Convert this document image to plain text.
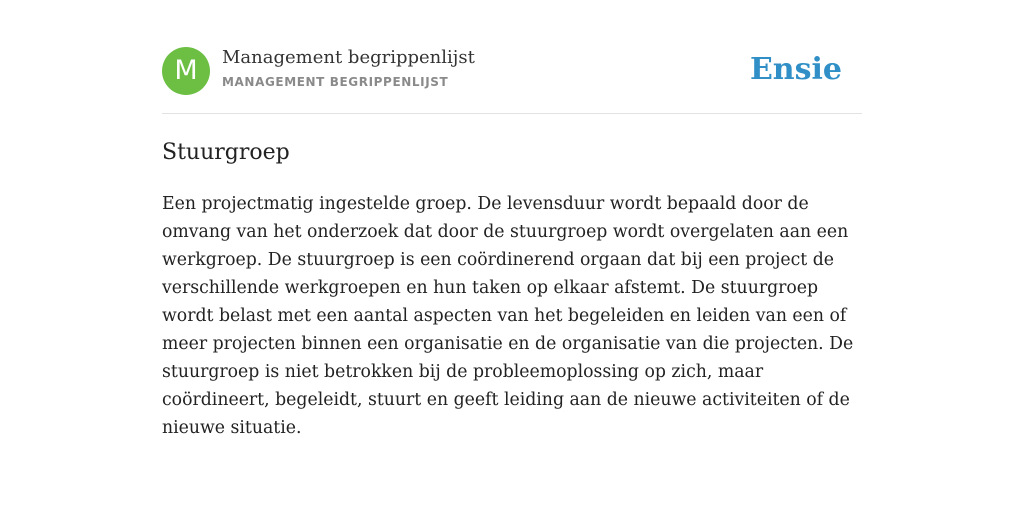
M	Management begrippenlijst
MANAGEMENT BEGRIPPENLIJST	Ensie
Stuurgroep

Een projectmatig ingestelde groep. De levensduur wordt bepaald door de omvang van het onderzoek dat door de stuurgroep wordt overgelaten aan een werkgroep. De stuurgroep is een coördinerend orgaan dat bij een project de verschillende werkgroepen en hun taken op elkaar afstemt. De stuurgroep wordt belast met een aantal aspecten van het begeleiden en leiden van een of meer projecten binnen een organisatie en de organisatie van die projecten. De stuurgroep is niet betrokken bij de probleemoplossing op zich, maar coördineert, begeleidt, stuurt en geeft leiding aan de nieuwe activiteiten of de nieuwe situatie.
